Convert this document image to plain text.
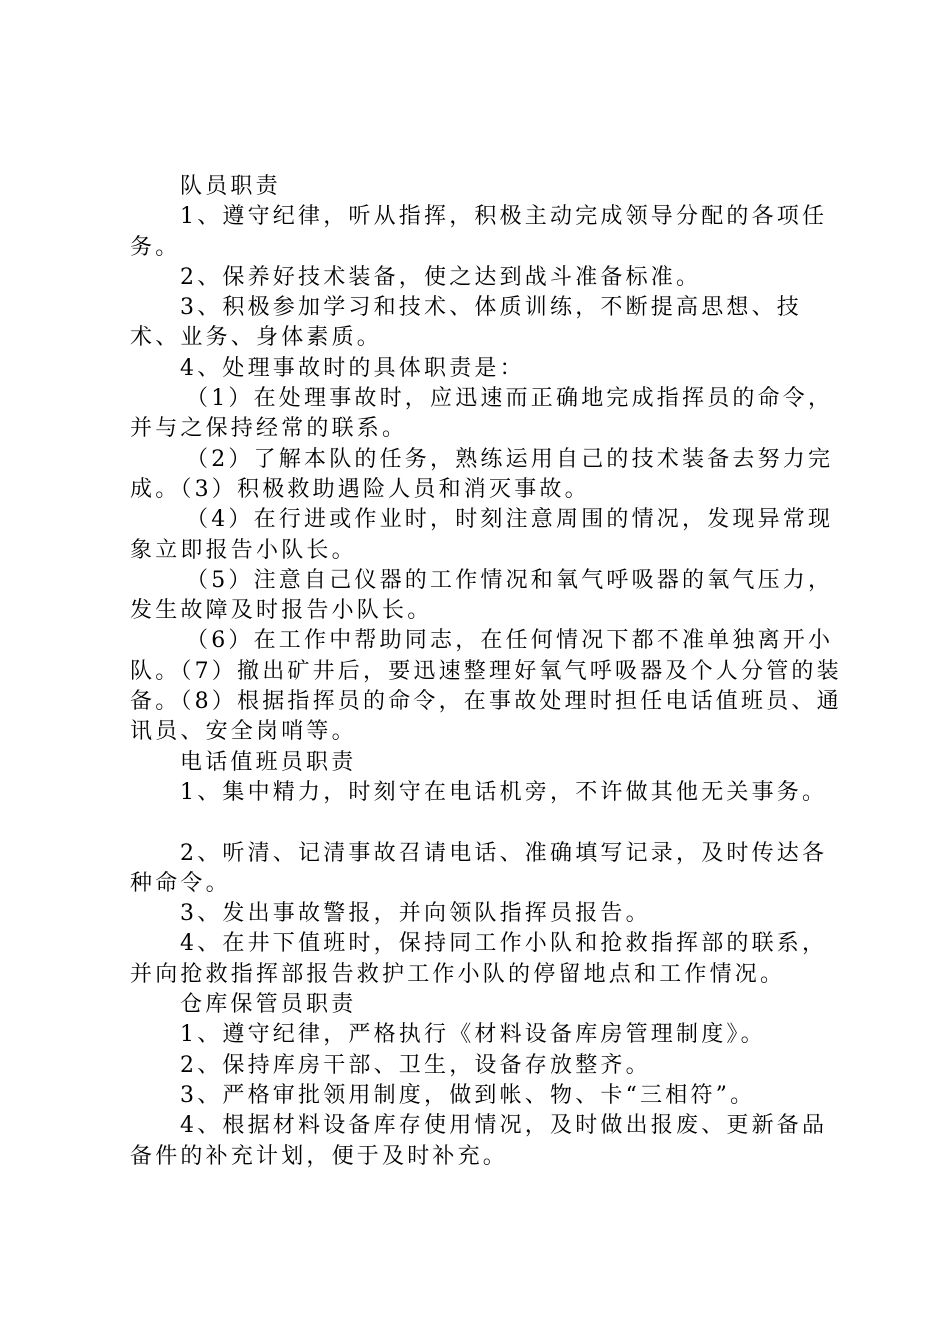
队员职责

1、遵守纪律，听从指挥，积极主动完成领导分配的各项任务。

2、保养好技术装备，使之达到战斗准备标准。

3、积极参加学习和技术、体质训练，不断提高思想、技术、业务、身体素质。

4、处理事故时的具体职责是：

（1）在处理事故时，应迅速而正确地完成指挥员的命令，并与之保持经常的联系。

（2）了解本队的任务，熟练运用自己的技术装备去努力完成。（3）积极救助遇险人员和消灭事故。

（4）在行进或作业时，时刻注意周围的情况，发现异常现象立即报告小队长。

（5）注意自己仪器的工作情况和氧气呼吸器的氧气压力，发生故障及时报告小队长。

（6）在工作中帮助同志，在任何情况下都不准单独离开小队。（7）撤出矿井后，要迅速整理好氧气呼吸器及个人分管的装备。（8）根据指挥员的命令，在事故处理时担任电话值班员、通讯员、安全岗哨等。

电话值班员职责

1、集中精力，时刻守在电话机旁，不许做其他无关事务。

2、听清、记清事故召请电话、准确填写记录，及时传达各种命令。

3、发出事故警报，并向领队指挥员报告。

4、在井下值班时，保持同工作小队和抢救指挥部的联系，并向抢救指挥部报告救护工作小队的停留地点和工作情况。

仓库保管员职责

1、遵守纪律，严格执行《材料设备库房管理制度》。

2、保持库房干部、卫生，设备存放整齐。

3、严格审批领用制度，做到帐、物、卡“三相符”。

4、根据材料设备库存使用情况，及时做出报废、更新备品备件的补充计划，便于及时补充。
